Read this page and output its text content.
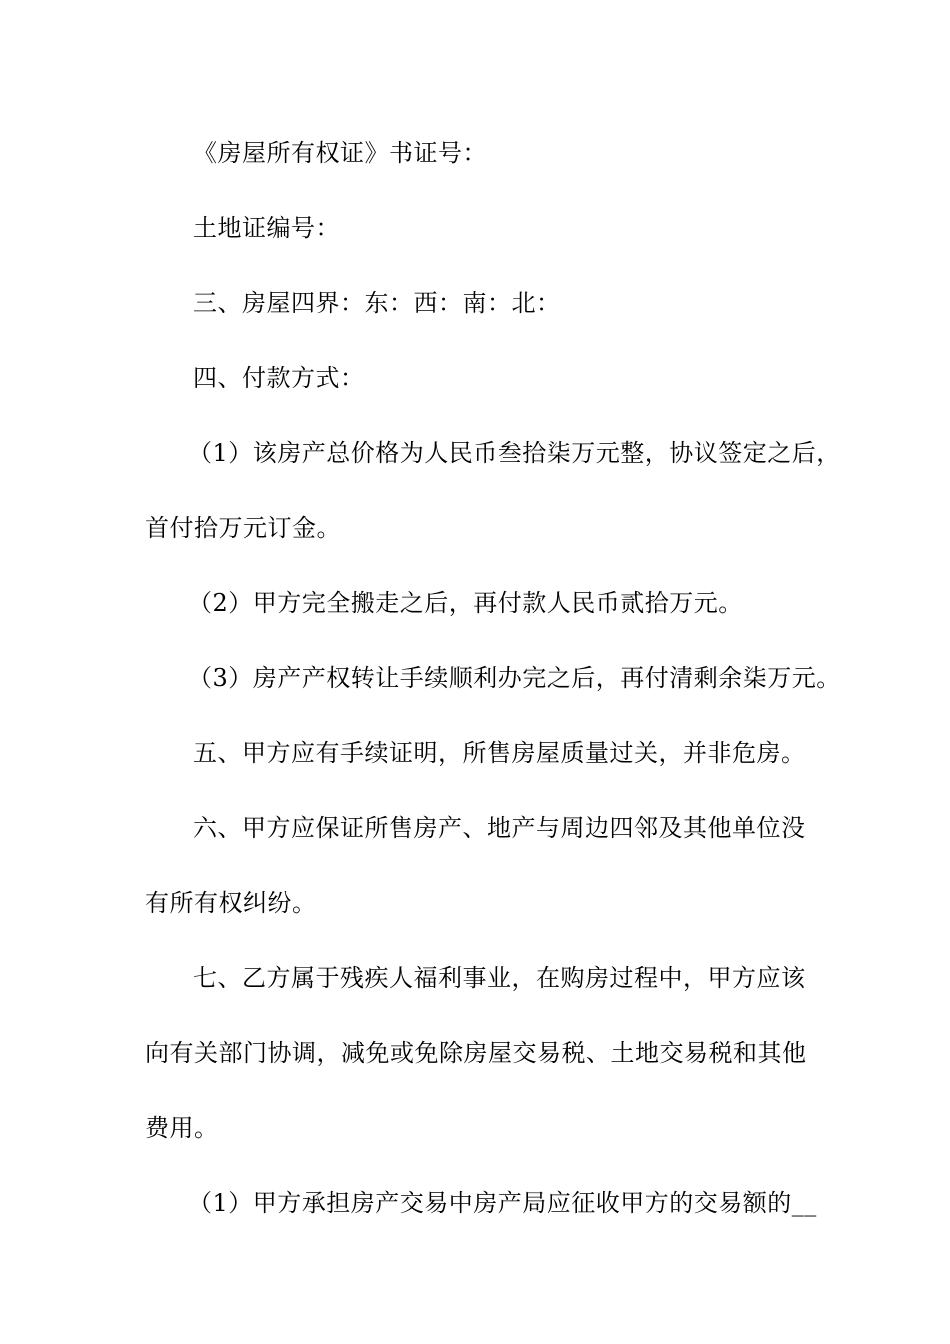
《房屋所有权证》书证号：
土地证编号：
三、房屋四界：东：西：南：北：
四、付款方式：
（1）该房产总价格为人民币叁拾柒万元整，协议签定之后，
首付拾万元订金。
（2）甲方完全搬走之后，再付款人民币贰拾万元。
（3）房产产权转让手续顺利办完之后，再付清剩余柒万元。
五、甲方应有手续证明，所售房屋质量过关，并非危房。
六、甲方应保证所售房产、地产与周边四邻及其他单位没
有所有权纠纷。
七、乙方属于残疾人福利事业，在购房过程中，甲方应该
向有关部门协调，减免或免除房屋交易税、土地交易税和其他
费用。
（1）甲方承担房产交易中房产局应征收甲方的交易额的__
